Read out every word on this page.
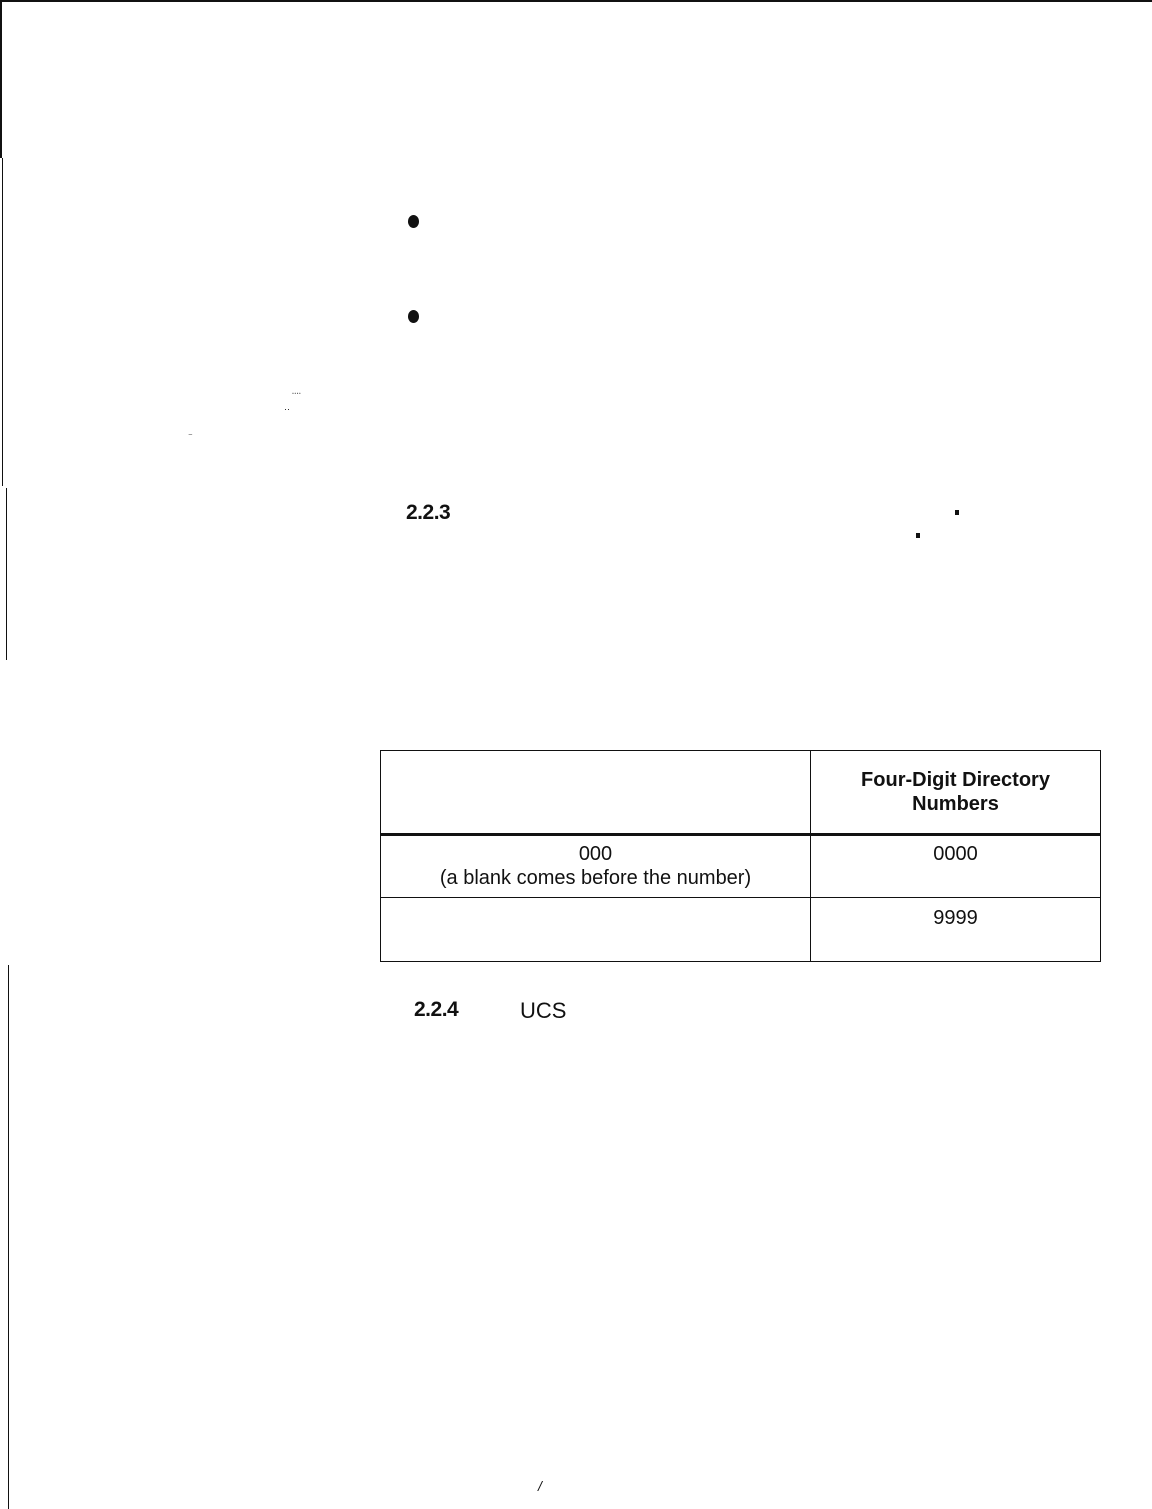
᠁
‥
⁻
2.2.3
	Four-Digit Directory Numbers

000
(a blank comes before the number)	0000

	9999
2.2.4	UCS
/
